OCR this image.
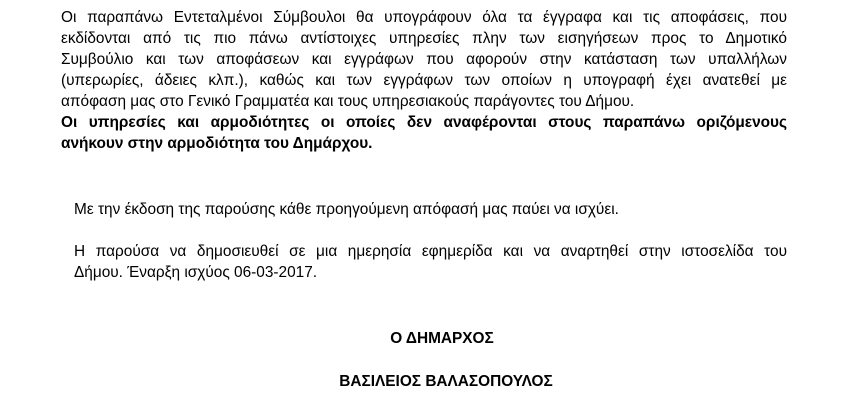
Οι παραπάνω Εντεταλμένοι Σύμβουλοι θα υπογράφουν όλα τα έγγραφα και τις αποφάσεις, που
εκδίδονται από τις πιο πάνω αντίστοιχες υπηρεσίες πλην των εισηγήσεων προς το Δημοτικό
Συμβούλιο και των αποφάσεων και εγγράφων που αφορούν στην κατάσταση των υπαλλήλων
(υπερωρίες, άδειες κλπ.), καθώς και των εγγράφων των οποίων η υπογραφή έχει ανατεθεί με
απόφαση μας στο Γενικό Γραμματέα και τους υπηρεσιακούς παράγοντες του Δήμου.

Οι υπηρεσίες και αρμοδιότητες οι οποίες δεν αναφέρονται στους παραπάνω οριζόμενους
ανήκουν στην αρμοδιότητα του Δημάρχου.

Με την έκδοση της παρούσης κάθε προηγούμενη απόφασή μας παύει να ισχύει.

Η παρούσα να δημοσιευθεί σε μια ημερησία εφημερίδα και να αναρτηθεί στην ιστοσελίδα του
Δήμου. Έναρξη ισχύος 06-03-2017.

Ο ΔΗΜΑΡΧΟΣ

ΒΑΣΙΛΕΙΟΣ ΒΑΛΑΣΟΠΟΥΛΟΣ
